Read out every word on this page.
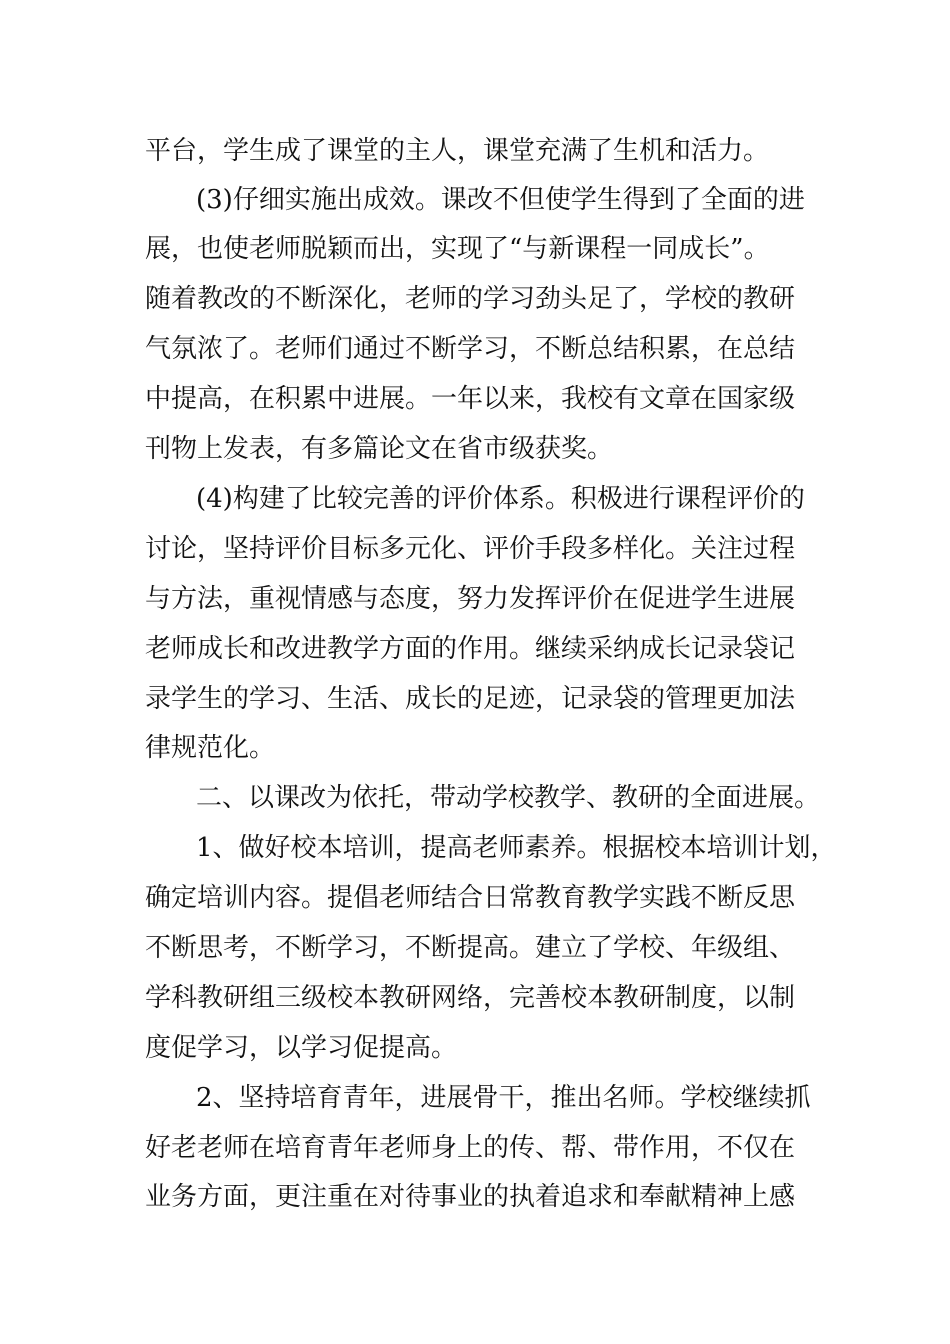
平台，学生成了课堂的主人，课堂充满了生机和活力。
(3)仔细实施出成效。课改不但使学生得到了全面的进
展，也使老师脱颖而出，实现了“与新课程一同成长”。
随着教改的不断深化，老师的学习劲头足了，学校的教研
气氛浓了。老师们通过不断学习，不断总结积累，在总结
中提高，在积累中进展。一年以来，我校有文章在国家级
刊物上发表，有多篇论文在省市级获奖。
(4)构建了比较完善的评价体系。积极进行课程评价的
讨论，坚持评价目标多元化、评价手段多样化。关注过程
与方法，重视情感与态度，努力发挥评价在促进学生进展
老师成长和改进教学方面的作用。继续采纳成长记录袋记
录学生的学习、生活、成长的足迹，记录袋的管理更加法
律规范化。
二、以课改为依托，带动学校教学、教研的全面进展。
1、做好校本培训，提高老师素养。根据校本培训计划，
确定培训内容。提倡老师结合日常教育教学实践不断反思
不断思考，不断学习，不断提高。建立了学校、年级组、
学科教研组三级校本教研网络，完善校本教研制度，以制
度促学习，以学习促提高。
2、坚持培育青年，进展骨干，推出名师。学校继续抓
好老老师在培育青年老师身上的传、帮、带作用，不仅在
业务方面，更注重在对待事业的执着追求和奉献精神上感
